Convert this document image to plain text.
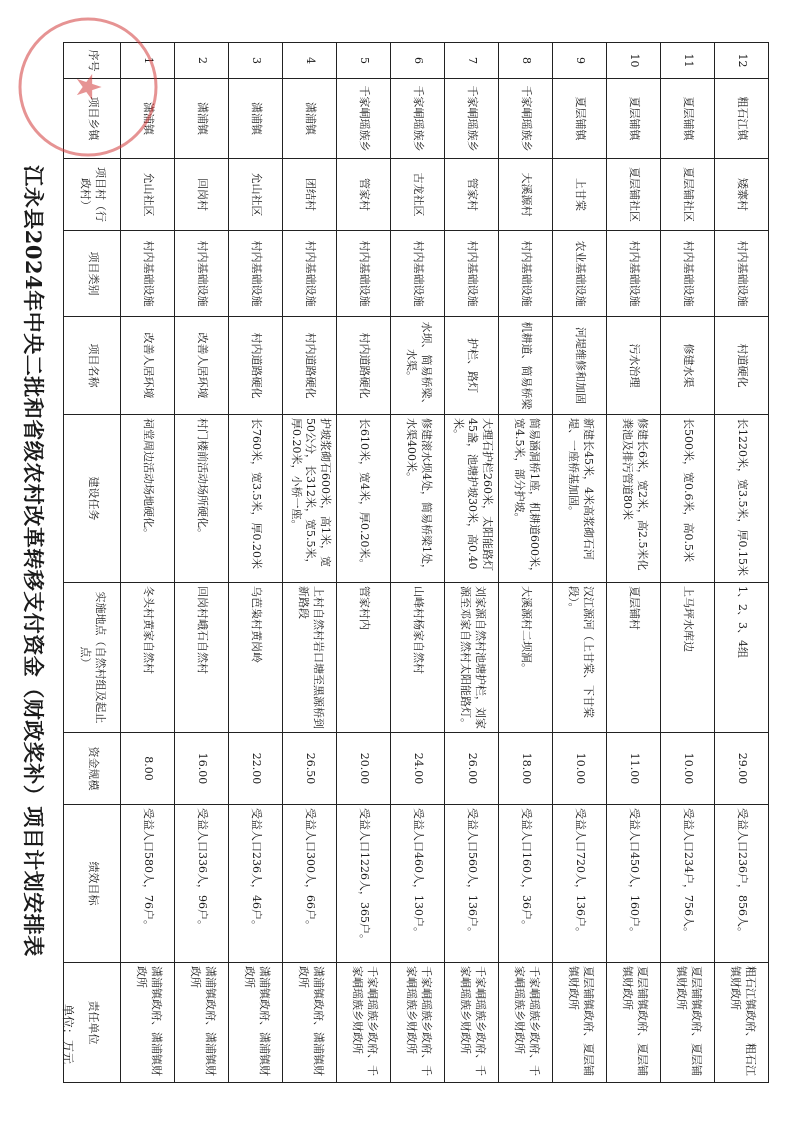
江永县2024年中央二批和省级农村改革转移支付资金（财政奖补）项目计划安排表
单位：万元
序号	项目乡镇	项目村（行政村）	项目类别	项目名称	建设任务	实施地点（自然村组及起止点）	资金规模	绩效目标	责任单位
1	潇浦镇	允山社区	村内基础设施	改善人居环境	祠堂周边活动场地硬化。	冬头村黄家自然村	8.00	受益人口580人，76户。	潇浦镇政府、潇浦镇财政所
2	潇浦镇	回岗村	村内基础设施	改善人居环境	村门楼前活动场所硬化。	回岗村峨石自然村	16.00	受益人口336人，96户。	潇浦镇政府、潇浦镇财政所
3	潇浦镇	允山社区	村内基础设施	村内道路硬化	长760米，宽3.5米，厚0.20米	乌芭枭村黄岗岭	22.00	受益人口236人，46户。	潇浦镇政府、潇浦镇财政所
4	潇浦镇	团结村	村内基础设施	村内道路硬化	护坡浆砌石600米，高1米，宽50公分，长312米，宽5.5米，厚0.20米，小桥一座。	上村自然村岩口塘至黑源桥到新路段	26.50	受益人口300人，66户。	潇浦镇政府、潇浦镇财政所
5	千家峒瑶族乡	管家村	村内基础设施	村内道路硬化	长610米，宽4米，厚0.20米。	管家村内	20.00	受益人口1226人，365户。	千家峒瑶族乡政府、千家峒瑶族乡财政所
6	千家峒瑶族乡	古龙社区	村内基础设施	水坝、简易桥梁、水渠。	修建滚水坝4处，简易桥梁1处，水渠400米。	山峰村杨家自然村	24.00	受益人口460人，130户。	千家峒瑶族乡政府、千家峒瑶族乡财政所
7	千家峒瑶族乡	管家村	村内基础设施	护栏、路灯	大理石护栏260米，太阳能路灯45盏，池塘护坡30米，高0.40米。	刘家源自然村池塘护栏，刘家源至邓家自然村太阳能路灯。	26.00	受益人口560人，136户。	千家峒瑶族乡政府、千家峒瑶族乡财政所
8	千家峒瑶族乡	大溪源村	村内基础设施	机耕道、简易桥梁	简易涵洞桥1座，机耕道600米，宽4.5米，部分护坡。	大溪源村二坝洞。	18.00	受益人口160人，36户。	千家峒瑶族乡政府、千家峒瑶族乡财政所
9	夏层铺镇	上甘棠	农业基础设施	河堤维修和加固	新建长45米，4米高浆砌石河堤、一座桥基加固。	汉江源河（上甘棠、下甘棠段）。	10.00	受益人口720人，136户。	夏层铺镇政府、夏层铺镇财政所
10	夏层铺镇	夏层铺社区	村内基础设施	污水治理	修建长6米，宽2米，高2.5米化粪池及排污管道80米	夏层铺村	11.00	受益人口450人，160户。	夏层铺镇政府、夏层铺镇财政所
11	夏层铺镇	夏层铺社区	村内基础设施	修建水渠	长500米，宽0.6米，高0.5米	上马坪水库边	10.00	受益人口234户，756人。	夏层铺镇政府、夏层铺镇财政所
12	粗石江镇	矮寨村	村内基础设施	村道硬化	长1220米，宽3.5米，厚0.15米	1、2、3、4组	29.00	受益人口236户，856人。	粗石江镇政府、粗石江镇财政所
★
